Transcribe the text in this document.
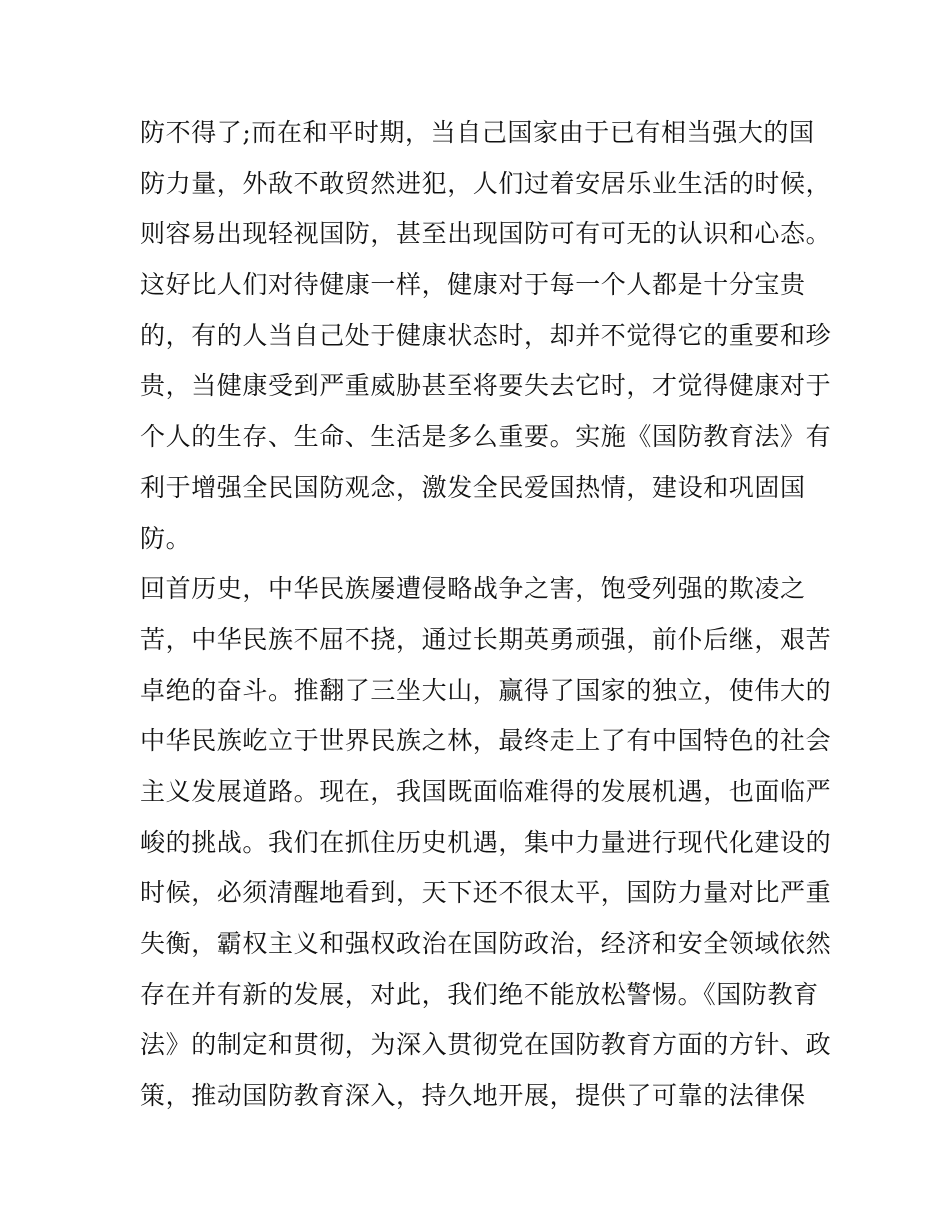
防不得了;而在和平时期，当自己国家由于已有相当强大的国
防力量，外敌不敢贸然进犯，人们过着安居乐业生活的时候，
则容易出现轻视国防，甚至出现国防可有可无的认识和心态。
这好比人们对待健康一样，健康对于每一个人都是十分宝贵
的，有的人当自己处于健康状态时，却并不觉得它的重要和珍
贵，当健康受到严重威胁甚至将要失去它时，才觉得健康对于
个人的生存、生命、生活是多么重要。实施《国防教育法》有
利于增强全民国防观念，激发全民爱国热情，建设和巩固国
防。
回首历史，中华民族屡遭侵略战争之害，饱受列强的欺凌之
苦，中华民族不屈不挠，通过长期英勇顽强，前仆后继，艰苦
卓绝的奋斗。推翻了三坐大山，赢得了国家的独立，使伟大的
中华民族屹立于世界民族之林，最终走上了有中国特色的社会
主义发展道路。现在，我国既面临难得的发展机遇，也面临严
峻的挑战。我们在抓住历史机遇，集中力量进行现代化建设的
时候，必须清醒地看到，天下还不很太平，国防力量对比严重
失衡，霸权主义和强权政治在国防政治，经济和安全领域依然
存在并有新的发展，对此，我们绝不能放松警惕。《国防教育
法》的制定和贯彻，为深入贯彻党在国防教育方面的方针、政
策，推动国防教育深入，持久地开展，提供了可靠的法律保
